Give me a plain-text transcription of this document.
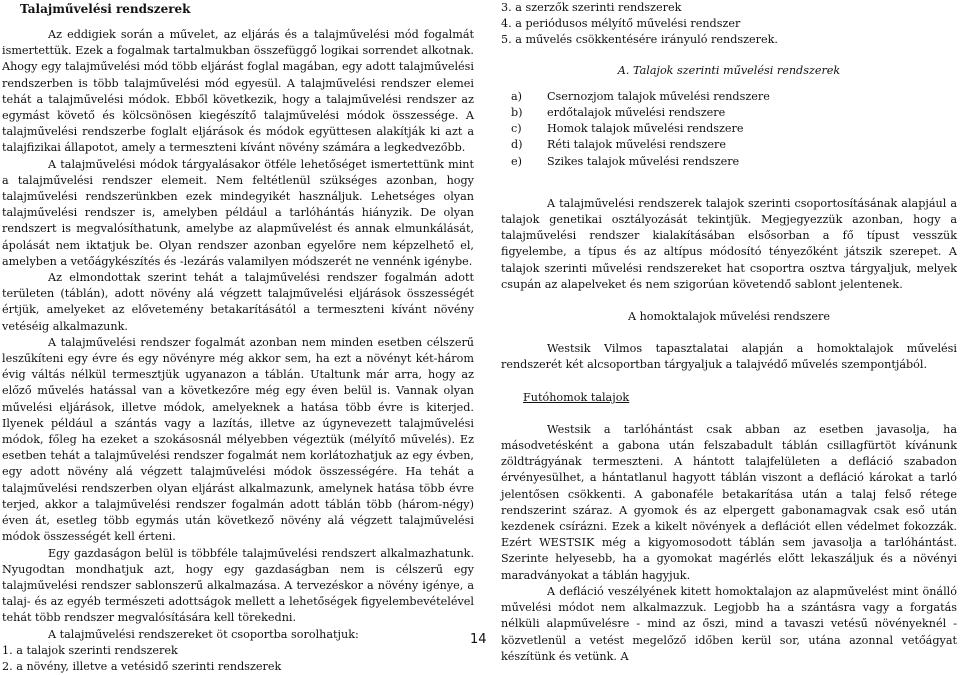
Talajművelési rendszerek

Az eddigiek során a művelet, az eljárás és a talajművelési mód fogalmát ismertettük. Ezek a fogalmak tartalmukban összefüggő logikai sorrendet alkotnak. Ahogy egy talajművelési mód több eljárást foglal magában, egy adott talajművelési rendszerben is több talajművelési mód egyesül. A talajművelési rendszer elemei tehát a talajművelési módok. Ebből következik, hogy a talajművelési rendszer az egymást követő és kölcsönösen kiegészítő talajművelési módok összessége. A talajművelési rendszerbe foglalt eljárások és módok együttesen alakítják ki azt a talajfizikai állapotot, amely a termeszteni kívánt növény számára a legkedvezőbb.

A talajművelési módok tárgyalásakor ötféle lehetőséget ismertettünk mint a talajművelési rendszer elemeit. Nem feltétlenül szükséges azonban, hogy talajművelési rendszerünkben ezek mindegyikét használjuk. Lehetséges olyan talajművelési rendszer is, amelyben például a tarlóhántás hiányzik. De olyan rendszert is megvalósíthatunk, amelybe az alapművelést és annak elmunkálását, ápolását nem iktatjuk be. Olyan rendszer azonban egyelőre nem képzelhető el, amelyben a vetőágykészítés és -lezárás valamilyen módszerét ne vennénk igénybe.

Az elmondottak szerint tehát a talajművelési rendszer fogalmán adott területen (táblán), adott növény alá végzett talajművelési eljárások összességét értjük, amelyeket az elővetemény betakarításától a termeszteni kívánt növény vetéséig alkalmazunk.

A talajművelési rendszer fogalmát azonban nem minden esetben célszerű leszűkíteni egy évre és egy növényre még akkor sem, ha ezt a növényt két-három évig váltás nélkül termesztjük ugyanazon a táblán. Utaltunk már arra, hogy az előző művelés hatással van a következőre még egy éven belül is. Vannak olyan művelési eljárások, illetve módok, amelyeknek a hatása több évre is kiterjed. Ilyenek például a szántás vagy a lazítás, illetve az úgynevezett talajművelési módok, főleg ha ezeket a szokásosnál mélyebben végeztük (mélyítő művelés). Ez esetben tehát a talajművelési rendszer fogalmát nem korlátozhatjuk az egy évben, egy adott növény alá végzett talajművelési módok összességére. Ha tehát a talajművelési rendszerben olyan eljárást alkalmazunk, amelynek hatása több évre terjed, akkor a talajművelési rendszer fogalmán adott táblán több (három-négy) éven át, esetleg több egymás után következő növény alá végzett talajművelési módok összességét kell érteni.

Egy gazdaságon belül is többféle talajművelési rendszert alkalmazhatunk. Nyugodtan mondhatjuk azt, hogy egy gazdaságban nem is célszerű egy talajművelési rendszer sablonszerű alkalmazása. A tervezéskor a növény igénye, a talaj- és az egyéb természeti adottságok mellett a lehetőségek figyelembevételével tehát több rendszer megvalósítására kell törekedni.

A talajművelési rendszereket öt csoportba sorolhatjuk:

1. a talajok szerinti rendszerek
2. a növény, illetve a vetésidő szerinti rendszerek
3. a szerzők szerinti rendszerek
4. a periódusos mélyítő művelési rendszer
5. a művelés csökkentésére irányuló rendszerek.
A. Talajok szerinti művelési rendszerek
a)	Csernozjom talajok művelési rendszere
b)	erdőtalajok művelési rendszere
c)	Homok talajok művelési rendszere
d)	Réti talajok művelési rendszere
e)	Szikes talajok művelési rendszere

A talajművelési rendszerek talajok szerinti csoportosításának alapjául a talajok genetikai osztályozását tekintjük. Megjegyezzük azonban, hogy a talajművelési rendszer kialakításában elsősorban a fő típust vesszük figyelembe, a típus és az altípus módosító tényezőként játszik szerepet. A talajok szerinti művelési rendszereket hat csoportra osztva tárgyaljuk, melyek csupán az alapelveket és nem szigorúan követendő sablont jelentenek.

A homoktalajok művelési rendszere

Westsik Vilmos tapasztalatai alapján a homoktalajok művelési rendszerét két alcsoportban tárgyaljuk a talajvédő művelés szempontjából.

Futóhomok talajok

Westsik a tarlóhántást csak abban az esetben javasolja, ha másodvetésként a gabona után felszabadult táblán csillagfürtöt kívánunk zöldtrágyának termeszteni. A hántott talajfelületen a defláció szabadon érvényesülhet, a hántatlanul hagyott táblán viszont a defláció károkat a tarló jelentősen csökkenti. A gabonaféle betakarítása után a talaj felső rétege rendszerint száraz. A gyomok és az elpergett gabonamagvak csak eső után kezdenek csírázni. Ezek a kikelt növények a deflációt ellen védelmet fokozzák. Ezért WESTSIK még a kigyomosodott táblán sem javasolja a tarlóhántást. Szerinte helyesebb, ha a gyomokat magérlés előtt lekaszáljuk és a növényi maradványokat a táblán hagyjuk.

A defláció veszélyének kitett homoktalajon az alapművelést mint önálló művelési módot nem alkalmazzuk. Legjobb ha a szántásra vagy a forgatás nélküli alapművelésre - mind az őszi, mind a tavaszi vetésű növényeknél - közvetlenül a vetést megelőző időben kerül sor, utána azonnal vetőágyat készítünk és vetünk. A

14
